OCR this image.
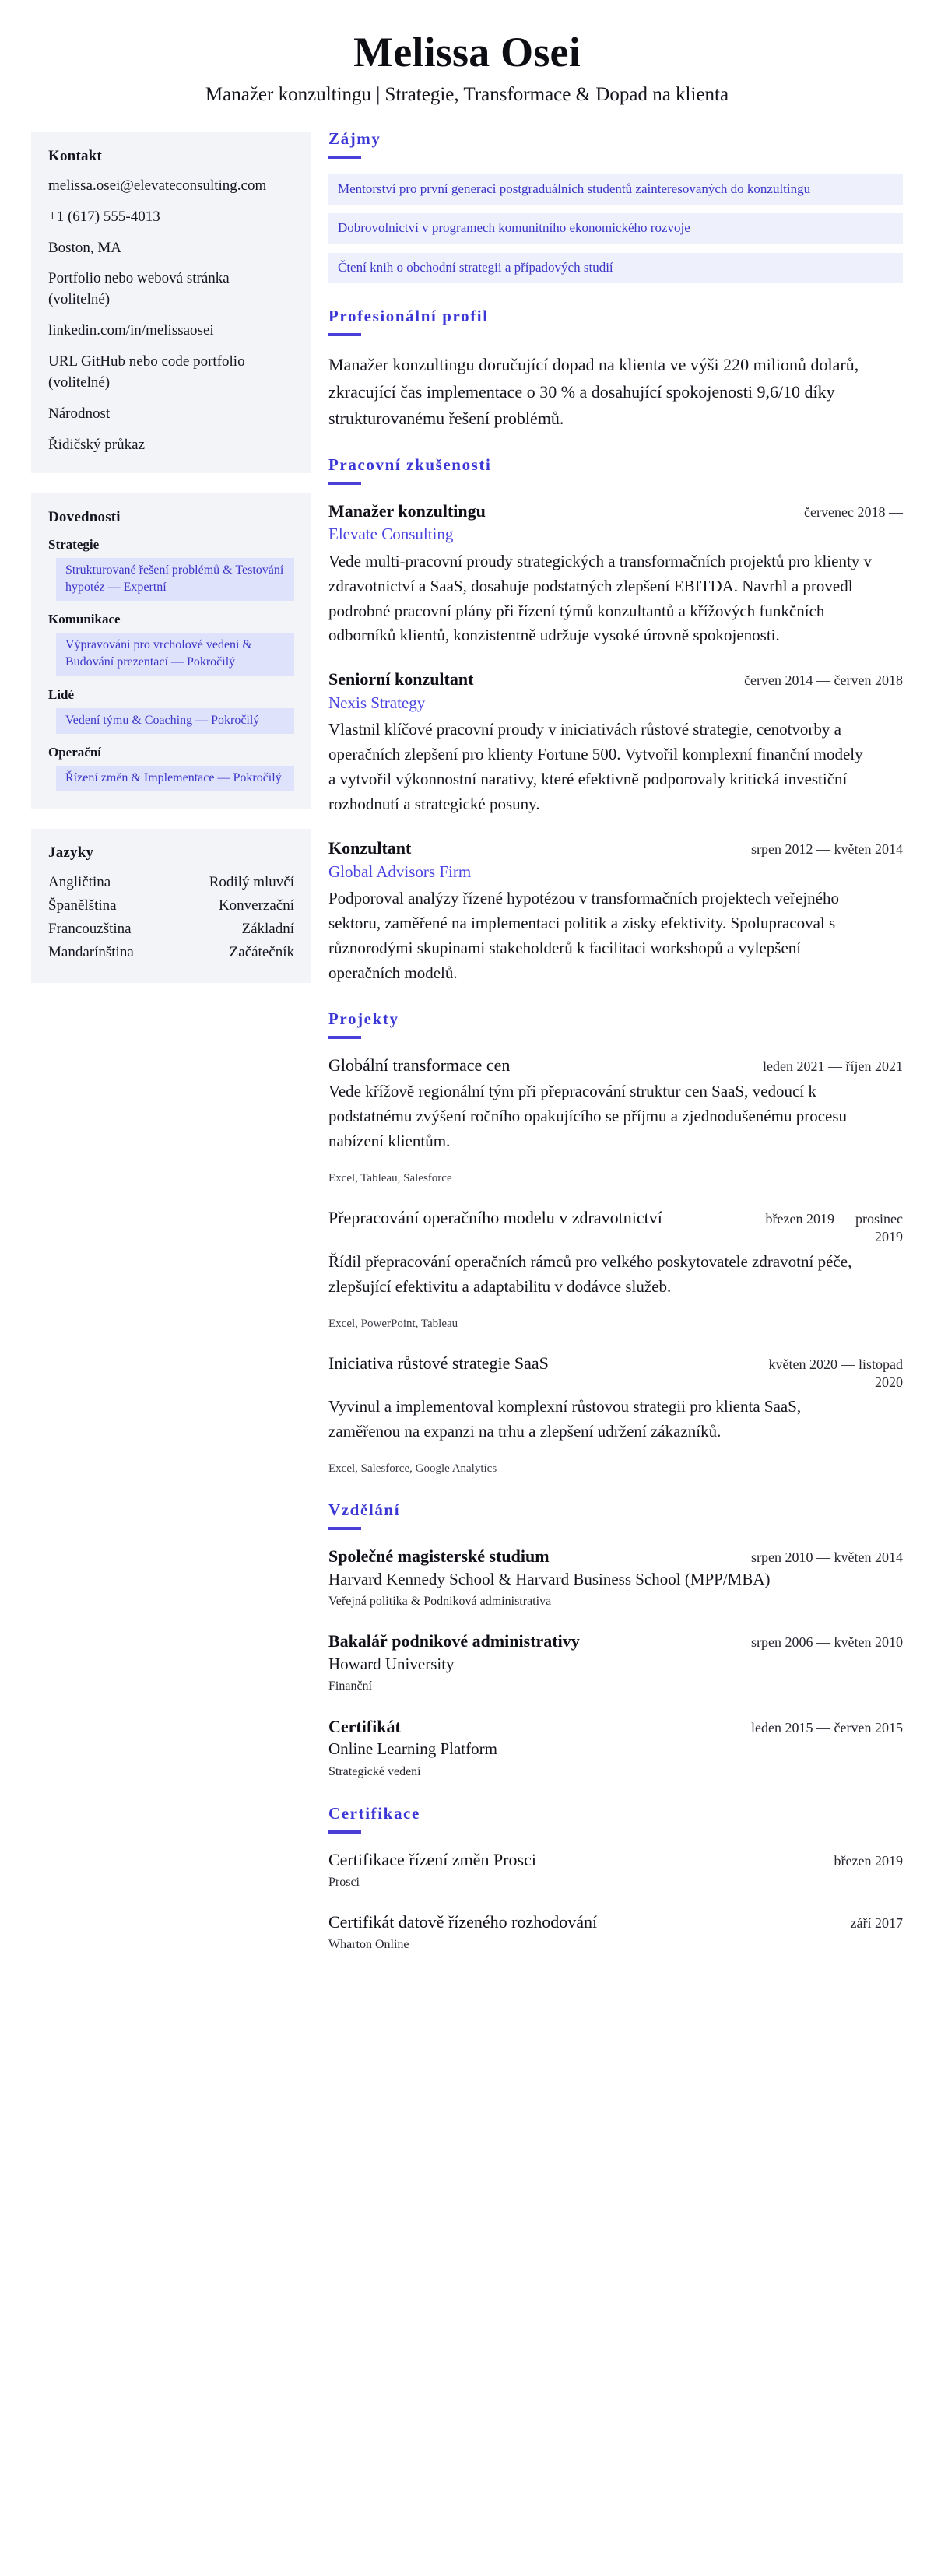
Melissa Osei

Manažer konzultingu | Strategie, Transformace & Dopad na klienta

Kontakt

melissa.osei@elevateconsulting.com

+1 (617) 555-4013

Boston, MA

Portfolio nebo webová stránka (volitelné)

linkedin.com/in/melissaosei

URL GitHub nebo code portfolio (volitelné)

Národnost

Řidičský průkaz

Dovednosti
Strategie
Strukturované řešení problémů & Testování hypotéz — Expertní
Komunikace
Výpravování pro vrcholové vedení & Budování prezentací — Pokročilý
Lidé
Vedení týmu & Coaching — Pokročilý
Operační
Řízení změn & Implementace — Pokročilý
Jazyky
Angličtina	Rodilý mluvčí
Španělština	Konverzační
Francouzština	Základní
Mandarínština	Začátečník
Zájmy
Mentorství pro první generaci postgraduálních studentů zainteresovaných do konzultingu
Dobrovolnictví v programech komunitního ekonomického rozvoje
Čtení knih o obchodní strategii a případových studií
Profesionální profil

Manažer konzultingu doručující dopad na klienta ve výši 220 milionů dolarů, zkracující čas implementace o 30 % a dosahující spokojenosti 9,6/10 díky strukturovanému řešení problémů.

Pracovní zkušenosti
Manažer konzultingu	červenec 2018 —
Elevate Consulting

Vede multi-pracovní proudy strategických a transformačních projektů pro klienty v zdravotnictví a SaaS, dosahuje podstatných zlepšení EBITDA. Navrhl a provedl podrobné pracovní plány při řízení týmů konzultantů a křížových funkčních odborníků klientů, konzistentně udržuje vysoké úrovně spokojenosti.

Seniorní konzultant	červen 2014 — červen 2018
Nexis Strategy

Vlastnil klíčové pracovní proudy v iniciativách růstové strategie, cenotvorby a operačních zlepšení pro klienty Fortune 500. Vytvořil komplexní finanční modely a vytvořil výkonnostní narativy, které efektivně podporovaly kritická investiční rozhodnutí a strategické posuny.

Konzultant	srpen 2012 — květen 2014
Global Advisors Firm

Podporoval analýzy řízené hypotézou v transformačních projektech veřejného sektoru, zaměřené na implementaci politik a zisky efektivity. Spolupracoval s různorodými skupinami stakeholderů k facilitaci workshopů a vylepšení operačních modelů.

Projekty
Globální transformace cen	leden 2021 — říjen 2021

Vede křížově regionální tým při přepracování struktur cen SaaS, vedoucí k podstatnému zvýšení ročního opakujícího se příjmu a zjednodušenému procesu nabízení klientům.

Excel, Tableau, Salesforce
Přepracování operačního modelu v zdravotnictví	březen 2019 — prosinec 2019

Řídil přepracování operačních rámců pro velkého poskytovatele zdravotní péče, zlepšující efektivitu a adaptabilitu v dodávce služeb.

Excel, PowerPoint, Tableau
Iniciativa růstové strategie SaaS	květen 2020 — listopad 2020

Vyvinul a implementoval komplexní růstovou strategii pro klienta SaaS, zaměřenou na expanzi na trhu a zlepšení udržení zákazníků.

Excel, Salesforce, Google Analytics
Vzdělání
Společné magisterské studium	srpen 2010 — květen 2014
Harvard Kennedy School & Harvard Business School (MPP/MBA)
Veřejná politika & Podniková administrativa
Bakalář podnikové administrativy	srpen 2006 — květen 2010
Howard University
Finanční
Certifikát	leden 2015 — červen 2015
Online Learning Platform
Strategické vedení
Certifikace
Certifikace řízení změn Prosci	březen 2019
Prosci
Certifikát datově řízeného rozhodování	září 2017
Wharton Online
